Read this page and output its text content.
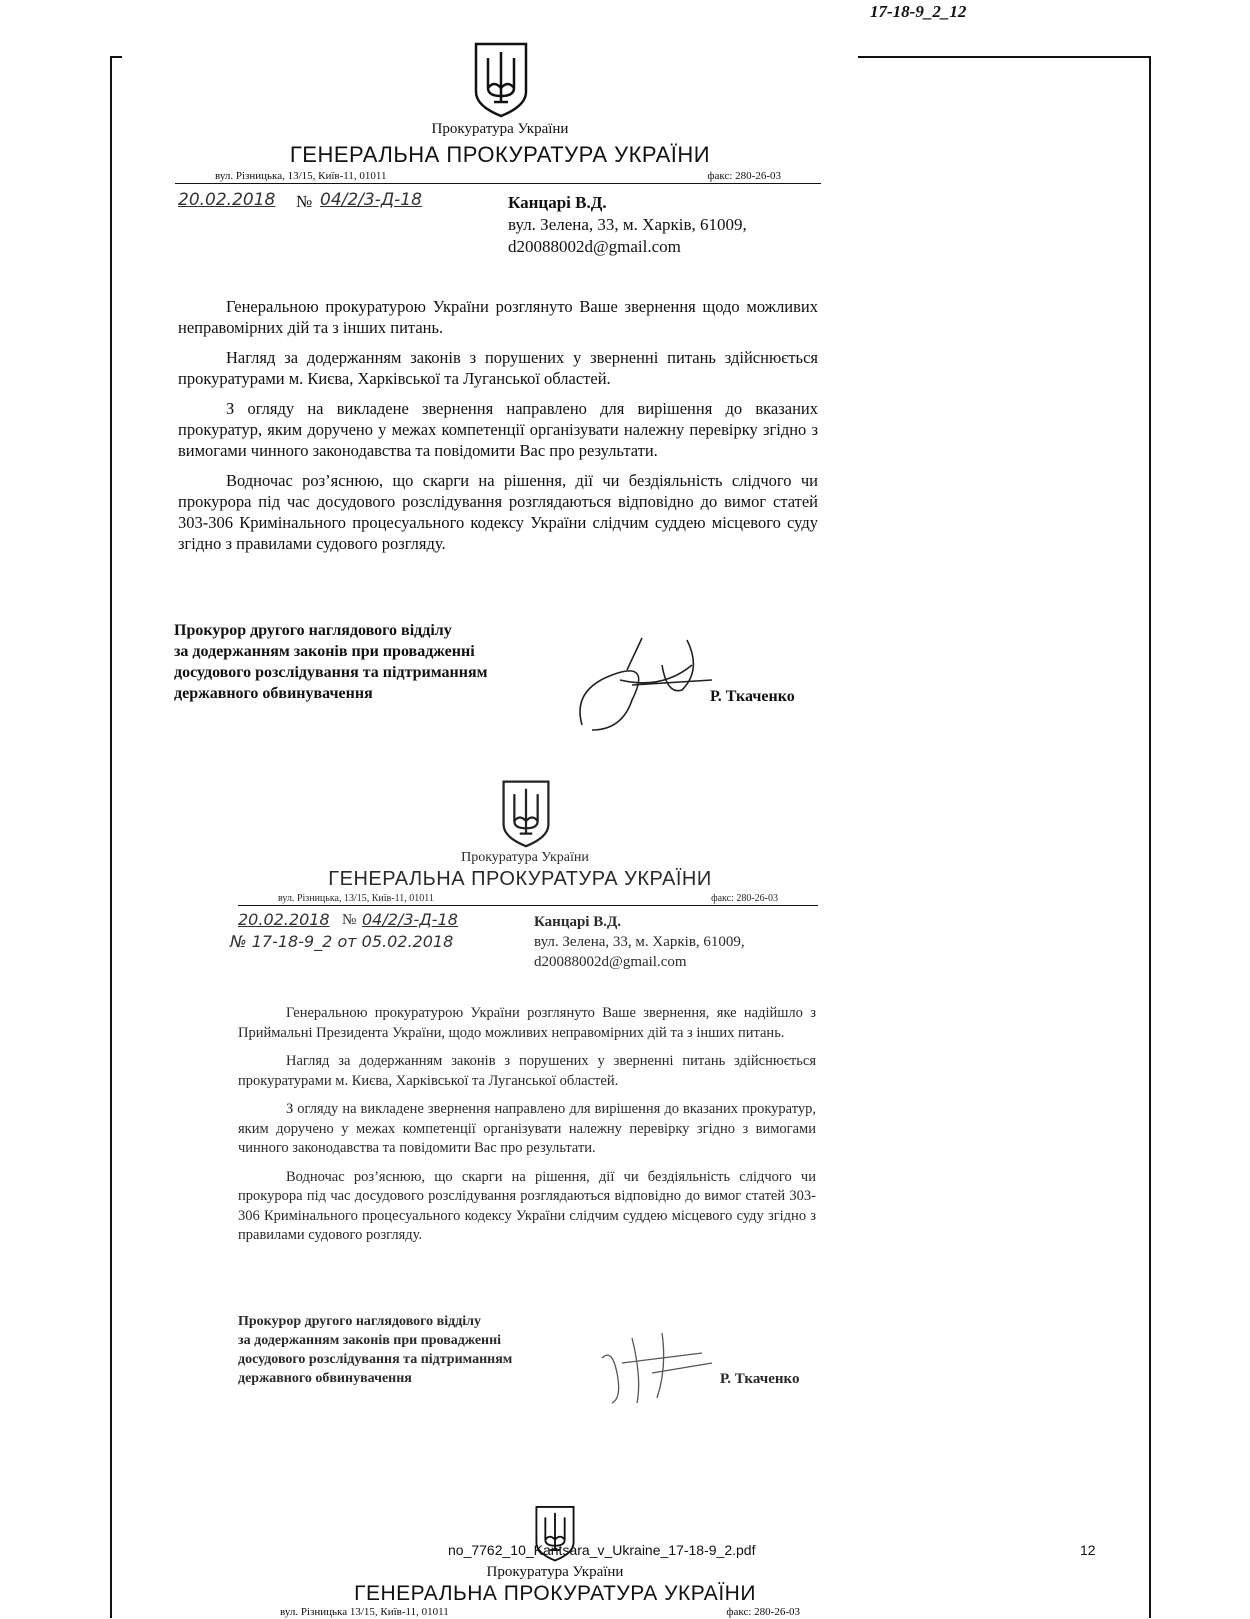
17-18-9_2_12
Прокуратура України
ГЕНЕРАЛЬНА ПРОКУРАТУРА УКРАЇНИ
вул. Різницька, 13/15, Київ-11, 01011	факс: 280-26-03
20.02.2018 № 04/2/3-Д-18	Канцарі В.Д.
вул. Зелена, 33, м. Харків, 61009,
d20088002d@gmail.com

Генеральною прокуратурою України розглянуто Ваше звернення щодо можливих неправомірних дій та з інших питань.

Нагляд за додержанням законів з порушених у зверненні питань здійснюється прокуратурами м. Києва, Харківської та Луганської областей.

З огляду на викладене звернення направлено для вирішення до вказаних прокуратур, яким доручено у межах компетенції організувати належну перевірку згідно з вимогами чинного законодавства та повідомити Вас про результати.

Водночас роз’яснюю, що скарги на рішення, дії чи бездіяльність слідчого чи прокурора під час досудового розслідування розглядаються відповідно до вимог статей 303-306 Кримінального процесуального кодексу України слідчим суддею місцевого суду згідно з правилами судового розгляду.

Прокурор другого наглядового відділу
за додержанням законів при провадженні
досудового розслідування та підтриманням
державного обвинувачення	Р. Ткаченко
Прокуратура України
ГЕНЕРАЛЬНА ПРОКУРАТУРА УКРАЇНИ
вул. Різницька, 13/15, Київ-11, 01011	факс: 280-26-03
20.02.2018 № 04/2/3-Д-18
№ 17-18-9_2 от 05.02.2018
Канцарі В.Д.
вул. Зелена, 33, м. Харків, 61009,
d20088002d@gmail.com

Генеральною прокуратурою України розглянуто Ваше звернення, яке надійшло з Приймальні Президента України, щодо можливих неправомірних дій та з інших питань.

Нагляд за додержанням законів з порушених у зверненні питань здійснюється прокуратурами м. Києва, Харківської та Луганської областей.

З огляду на викладене звернення направлено для вирішення до вказаних прокуратур, яким доручено у межах компетенції організувати належну перевірку згідно з вимогами чинного законодавства та повідомити Вас про результати.

Водночас роз’яснюю, що скарги на рішення, дії чи бездіяльність слідчого чи прокурора під час досудового розслідування розглядаються відповідно до вимог статей 303-306 Кримінального процесуального кодексу України слідчим суддею місцевого суду згідно з правилами судового розгляду.

Прокурор другого наглядового відділу
за додержанням законів при провадженні
досудового розслідування та підтриманням
державного обвинувачення	Р. Ткаченко
Прокуратура України
ГЕНЕРАЛЬНА ПРОКУРАТУРА УКРАЇНИ
вул. Різницька 13/15, Київ-11, 01011	факс: 280-26-03
no_7762_10_Kantsara_v_Ukraine_17-18-9_2.pdf	12
